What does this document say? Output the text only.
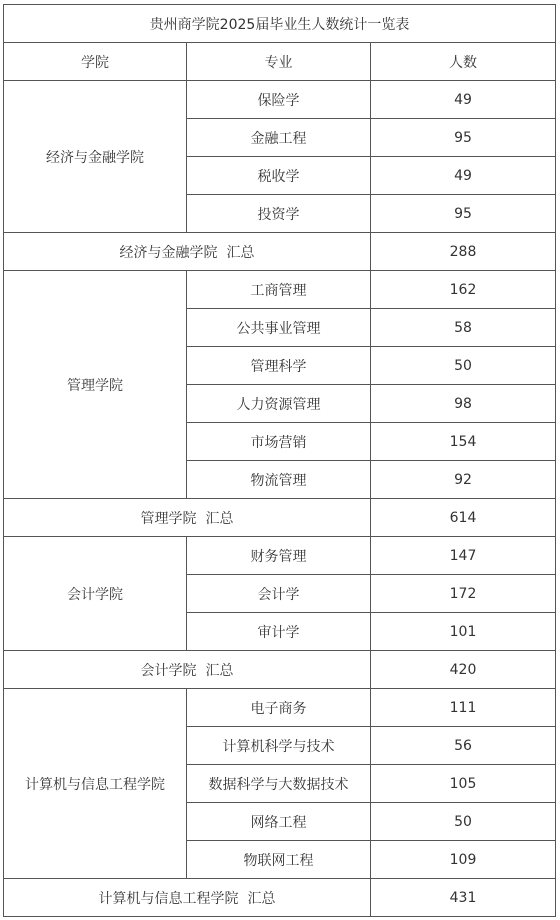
贵州商学院2025届毕业生人数统计一览表		
学院	专业	人数
经济与金融学院	保险学	49
	金融工程	95
	税收学	49
	投资学	95
经济与金融学院  汇总		288
管理学院	工商管理	162
	公共事业管理	58
	管理科学	50
	人力资源管理	98
	市场营销	154
	物流管理	92
管理学院  汇总		614
会计学院	财务管理	147
	会计学	172
	审计学	101
会计学院  汇总		420
计算机与信息工程学院	电子商务	111
	计算机科学与技术	56
	数据科学与大数据技术	105
	网络工程	50
	物联网工程	109
计算机与信息工程学院  汇总		431
